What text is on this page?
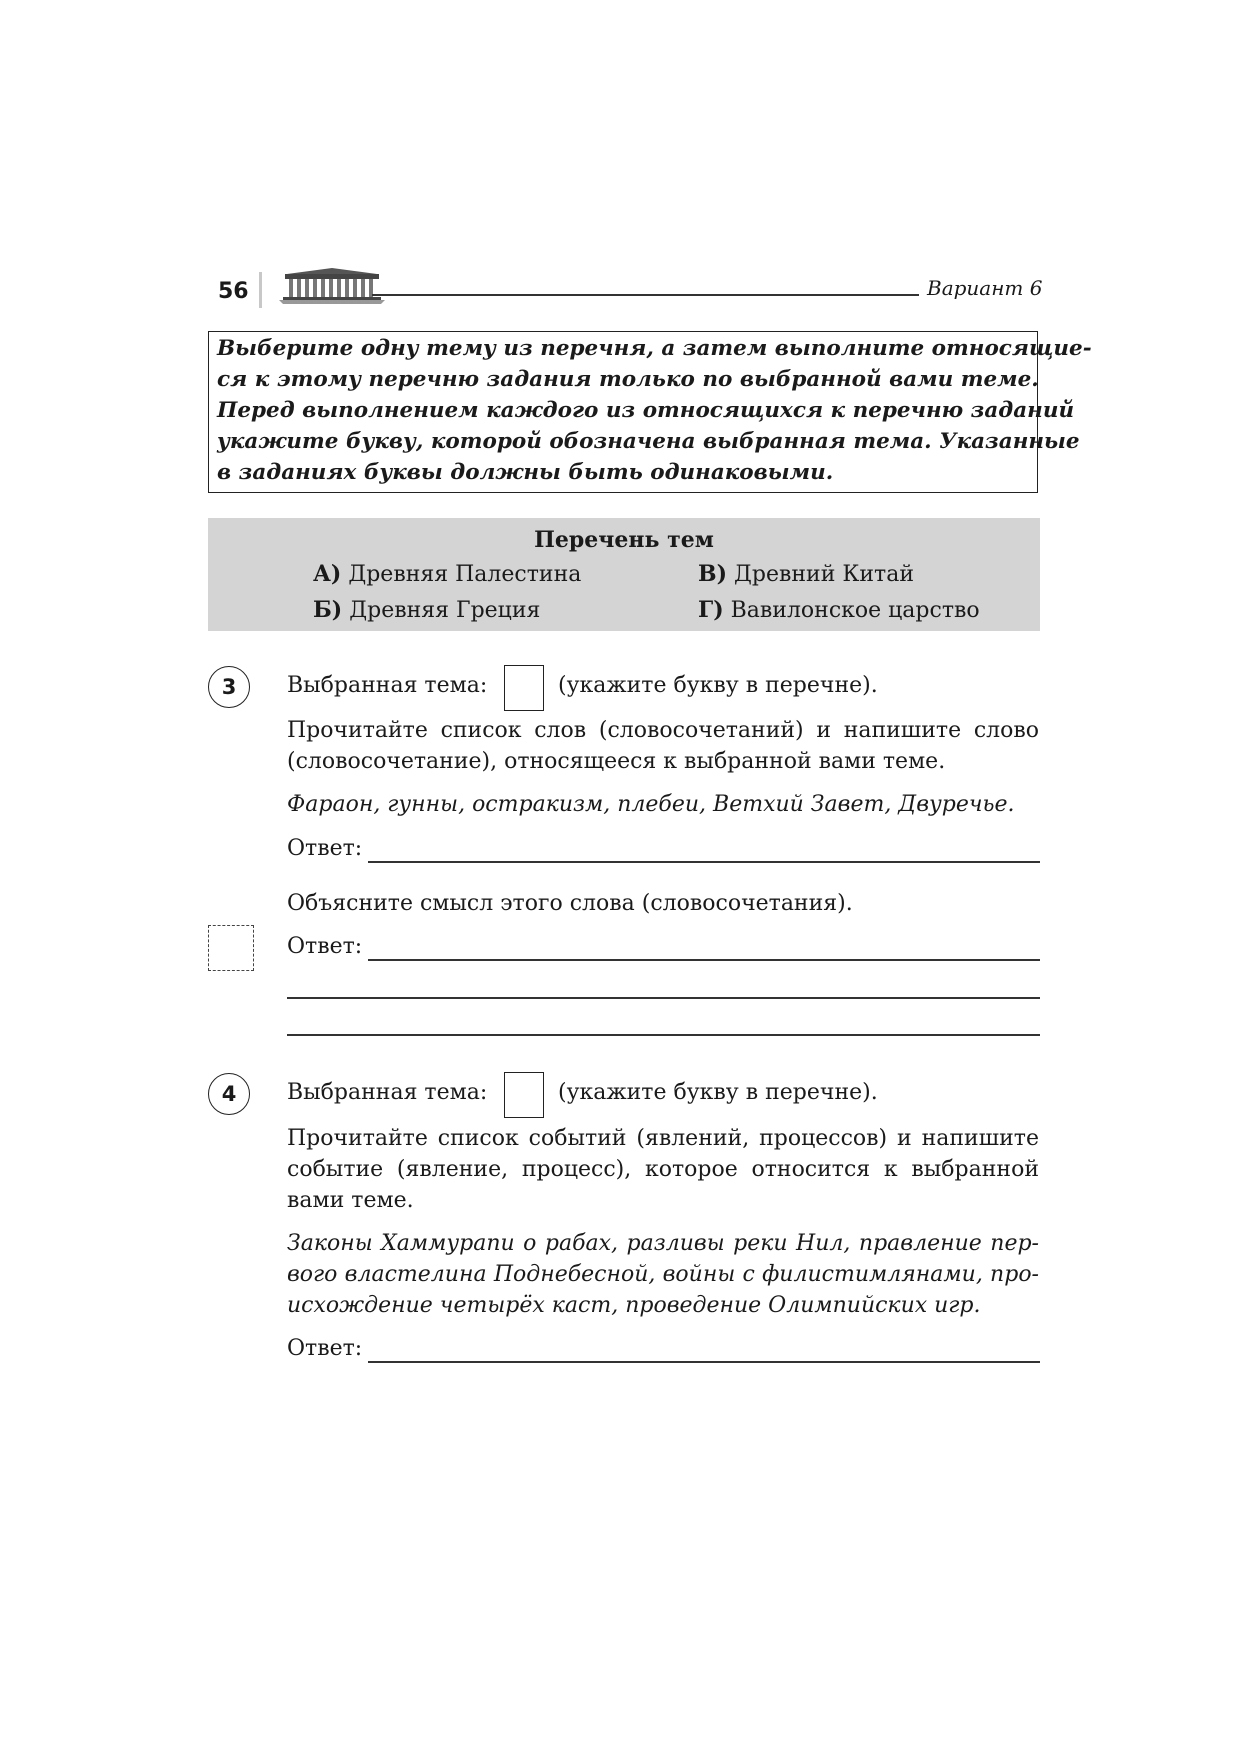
56	Вариант 6
Выберите одну тему из перечня, а затем выполните относящие-
ся к этому перечню задания только по выбранной вами теме.
Перед выполнением каждого из относящихся к перечню заданий
укажите букву, которой обозначена выбранная тема. Указанные
в заданиях буквы должны быть одинаковыми.
Перечень тем
А) Древняя Палестина	В) Древний Китай
Б) Древняя Греция	Г) Вавилонское царство
3	Выбранная тема:	(укажите букву в перечне).
Прочитайте список слов (словосочетаний) и напишите слово
(словосочетание), относящееся к выбранной вами теме.
Фараон, гунны, остракизм, плебеи, Ветхий Завет, Двуречье.
Ответ:
Объясните смысл этого слова (словосочетания).
Ответ:
4	Выбранная тема:	(укажите букву в перечне).
Прочитайте список событий (явлений, процессов) и напишите
событие (явление, процесс), которое относится к выбранной
вами теме.
Законы Хаммурапи о рабах, разливы реки Нил, правление пер-
вого властелина Поднебесной, войны с филистимлянами, про-
исхождение четырёх каст, проведение Олимпийских игр.
Ответ:
